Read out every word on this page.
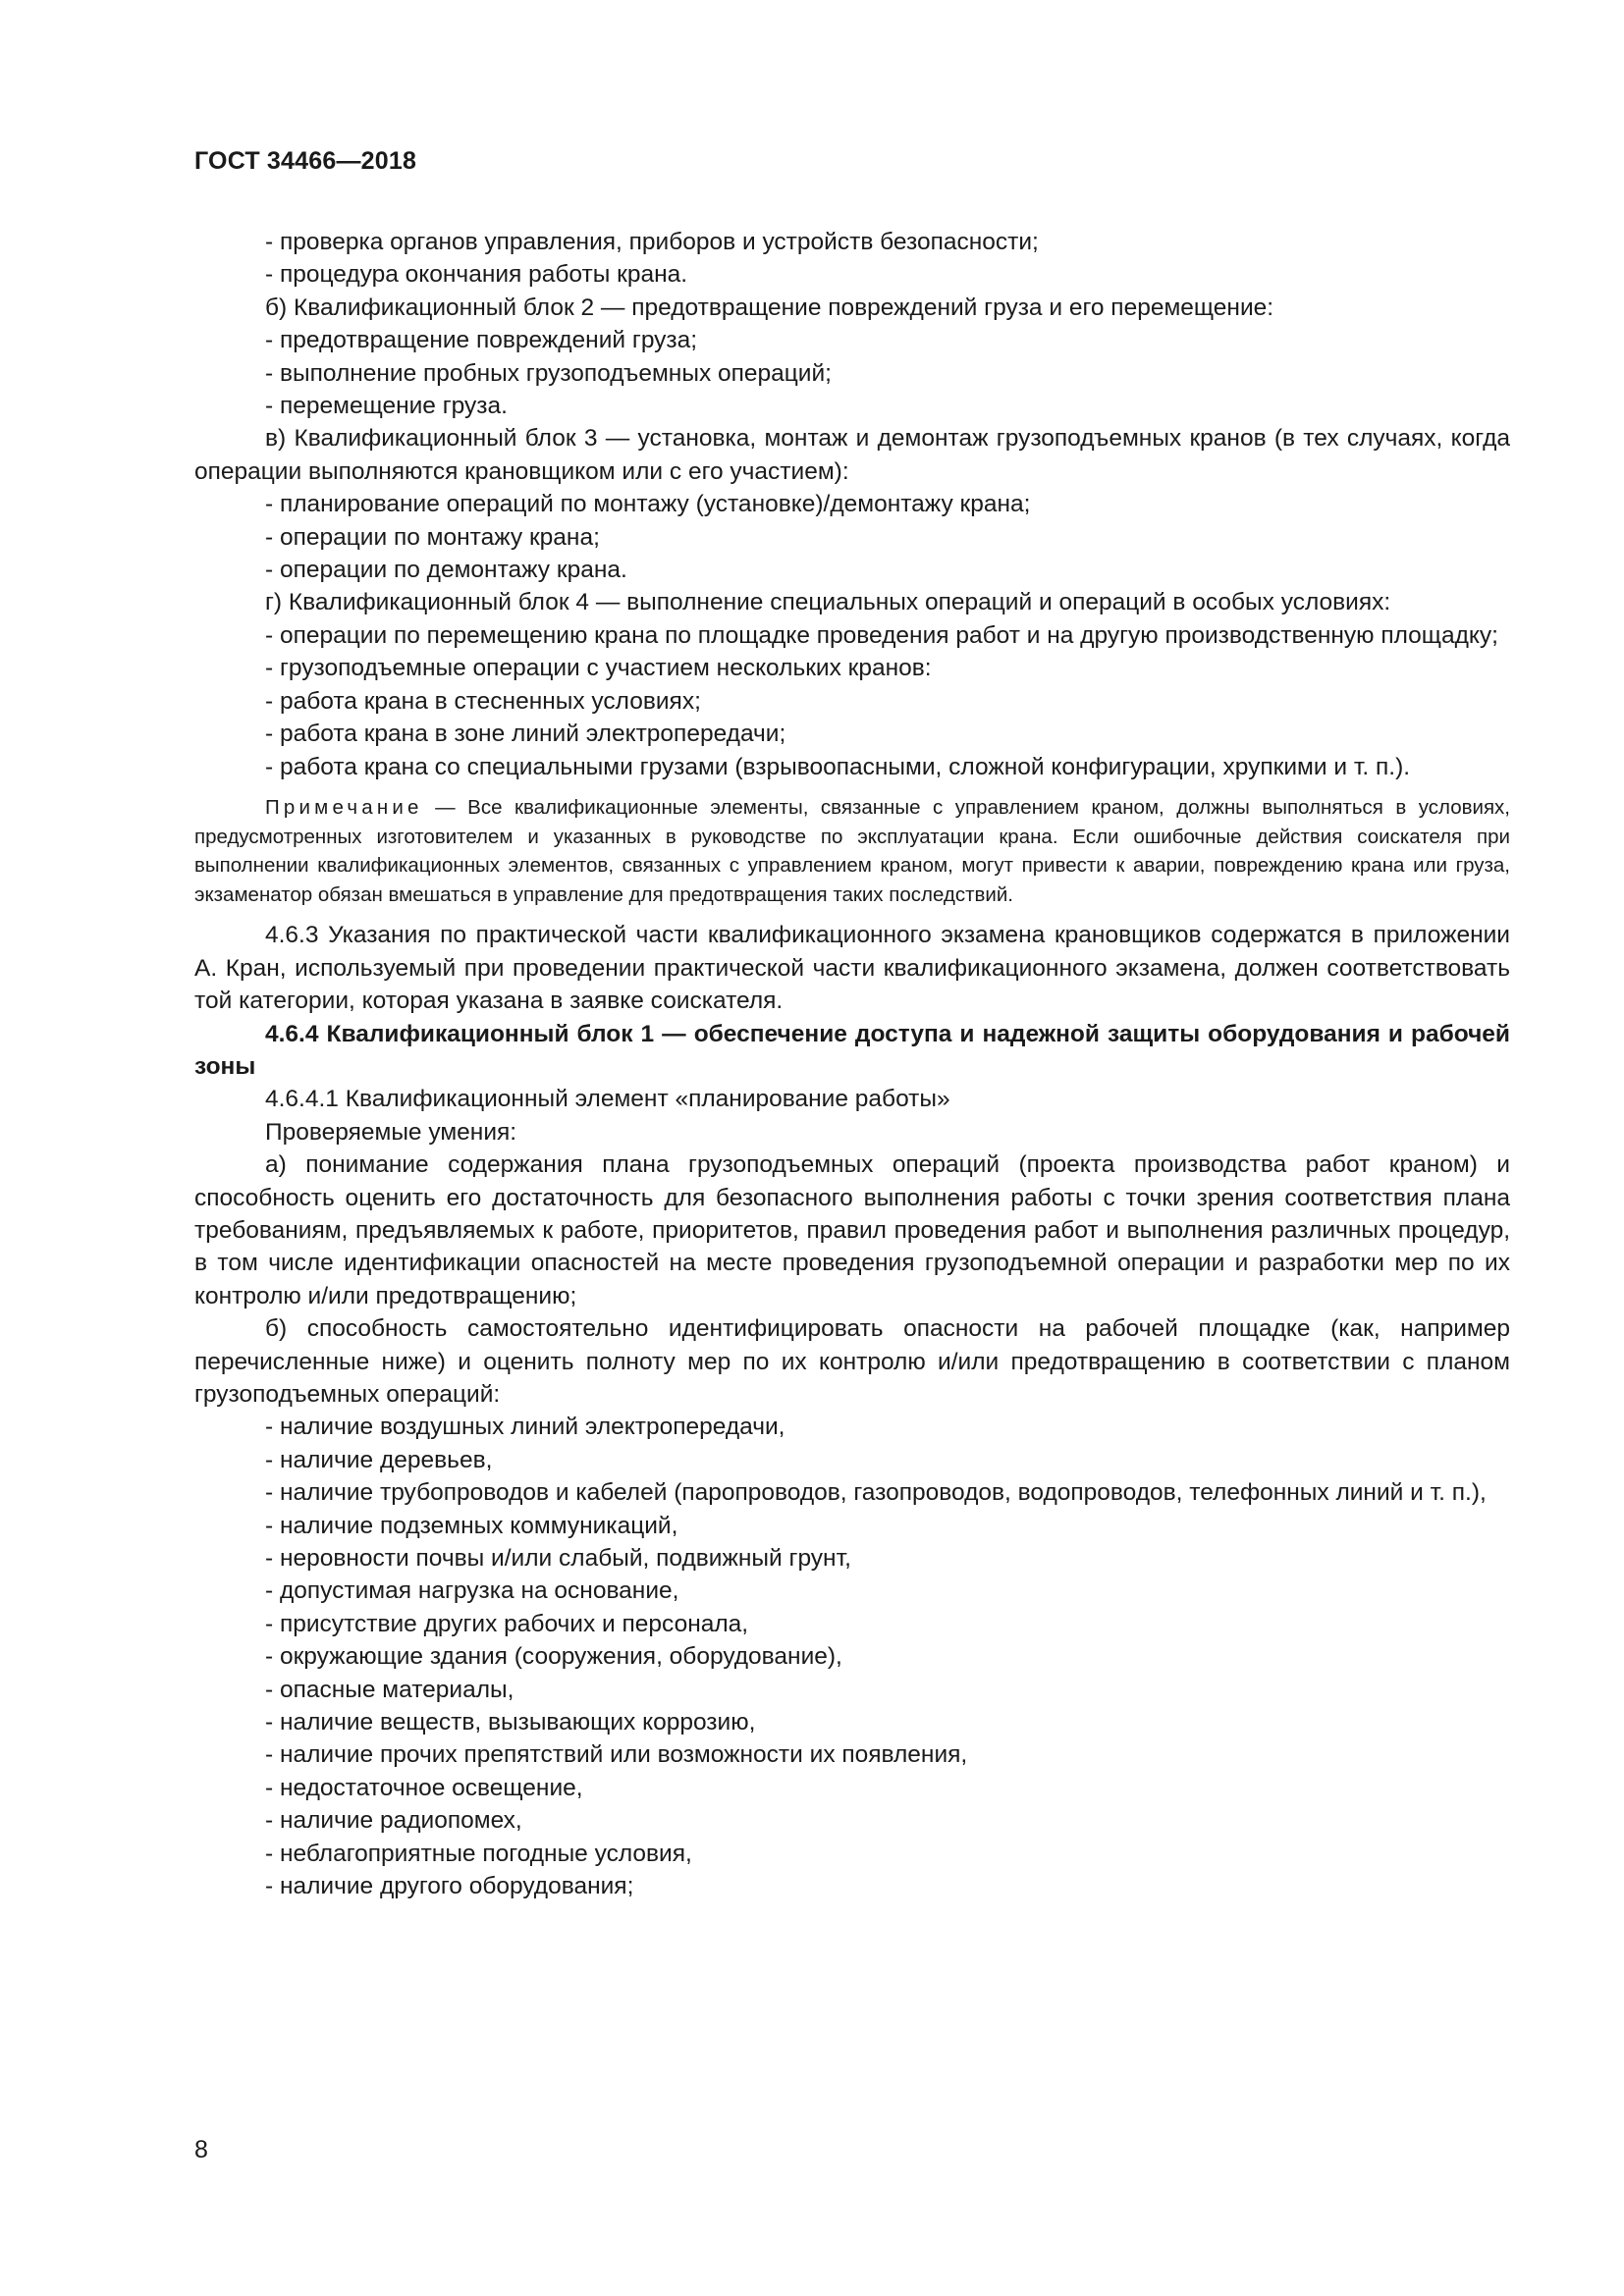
ГОСТ 34466—2018

- проверка органов управления, приборов и устройств безопасности;

- процедура окончания работы крана.

б) Квалификационный блок 2 — предотвращение повреждений груза и его перемещение:

- предотвращение повреждений груза;

- выполнение пробных грузоподъемных операций;

- перемещение груза.

в) Квалификационный блок 3 — установка, монтаж и демонтаж грузоподъемных кранов (в тех случаях, когда операции выполняются крановщиком или с его участием):

- планирование операций по монтажу (установке)/демонтажу крана;

- операции по монтажу крана;

- операции по демонтажу крана.

г) Квалификационный блок 4 — выполнение специальных операций и операций в особых условиях:

- операции по перемещению крана по площадке проведения работ и на другую производственную площадку;

- грузоподъемные операции с участием нескольких кранов:

- работа крана в стесненных условиях;

- работа крана в зоне линий электропередачи;

- работа крана со специальными грузами (взрывоопасными, сложной конфигурации, хрупкими и т. п.).

Примечание — Все квалификационные элементы, связанные с управлением краном, должны выполняться в условиях, предусмотренных изготовителем и указанных в руководстве по эксплуатации крана. Если ошибочные действия соискателя при выполнении квалификационных элементов, связанных с управлением краном, могут привести к аварии, повреждению крана или груза, экзаменатор обязан вмешаться в управление для предотвращения таких последствий.

4.6.3 Указания по практической части квалификационного экзамена крановщиков содержатся в приложении А. Кран, используемый при проведении практической части квалификационного экзамена, должен соответствовать той категории, которая указана в заявке соискателя.

4.6.4 Квалификационный блок 1 — обеспечение доступа и надежной защиты оборудования и рабочей зоны

4.6.4.1 Квалификационный элемент «планирование работы»

Проверяемые умения:

а) понимание содержания плана грузоподъемных операций (проекта производства работ краном) и способность оценить его достаточность для безопасного выполнения работы с точки зрения соответствия плана требованиям, предъявляемых к работе, приоритетов, правил проведения работ и выполнения различных процедур, в том числе идентификации опасностей на месте проведения грузоподъемной операции и разработки мер по их контролю и/или предотвращению;

б) способность самостоятельно идентифицировать опасности на рабочей площадке (как, например перечисленные ниже) и оценить полноту мер по их контролю и/или предотвращению в соответствии с планом грузоподъемных операций:

- наличие воздушных линий электропередачи,

- наличие деревьев,

- наличие трубопроводов и кабелей (паропроводов, газопроводов, водопроводов, телефонных линий и т. п.),

- наличие подземных коммуникаций,

- неровности почвы и/или слабый, подвижный грунт,

- допустимая нагрузка на основание,

- присутствие других рабочих и персонала,

- окружающие здания (сооружения, оборудование),

- опасные материалы,

- наличие веществ, вызывающих коррозию,

- наличие прочих препятствий или возможности их появления,

- недостаточное освещение,

- наличие радиопомех,

- неблагоприятные погодные условия,

- наличие другого оборудования;

8
